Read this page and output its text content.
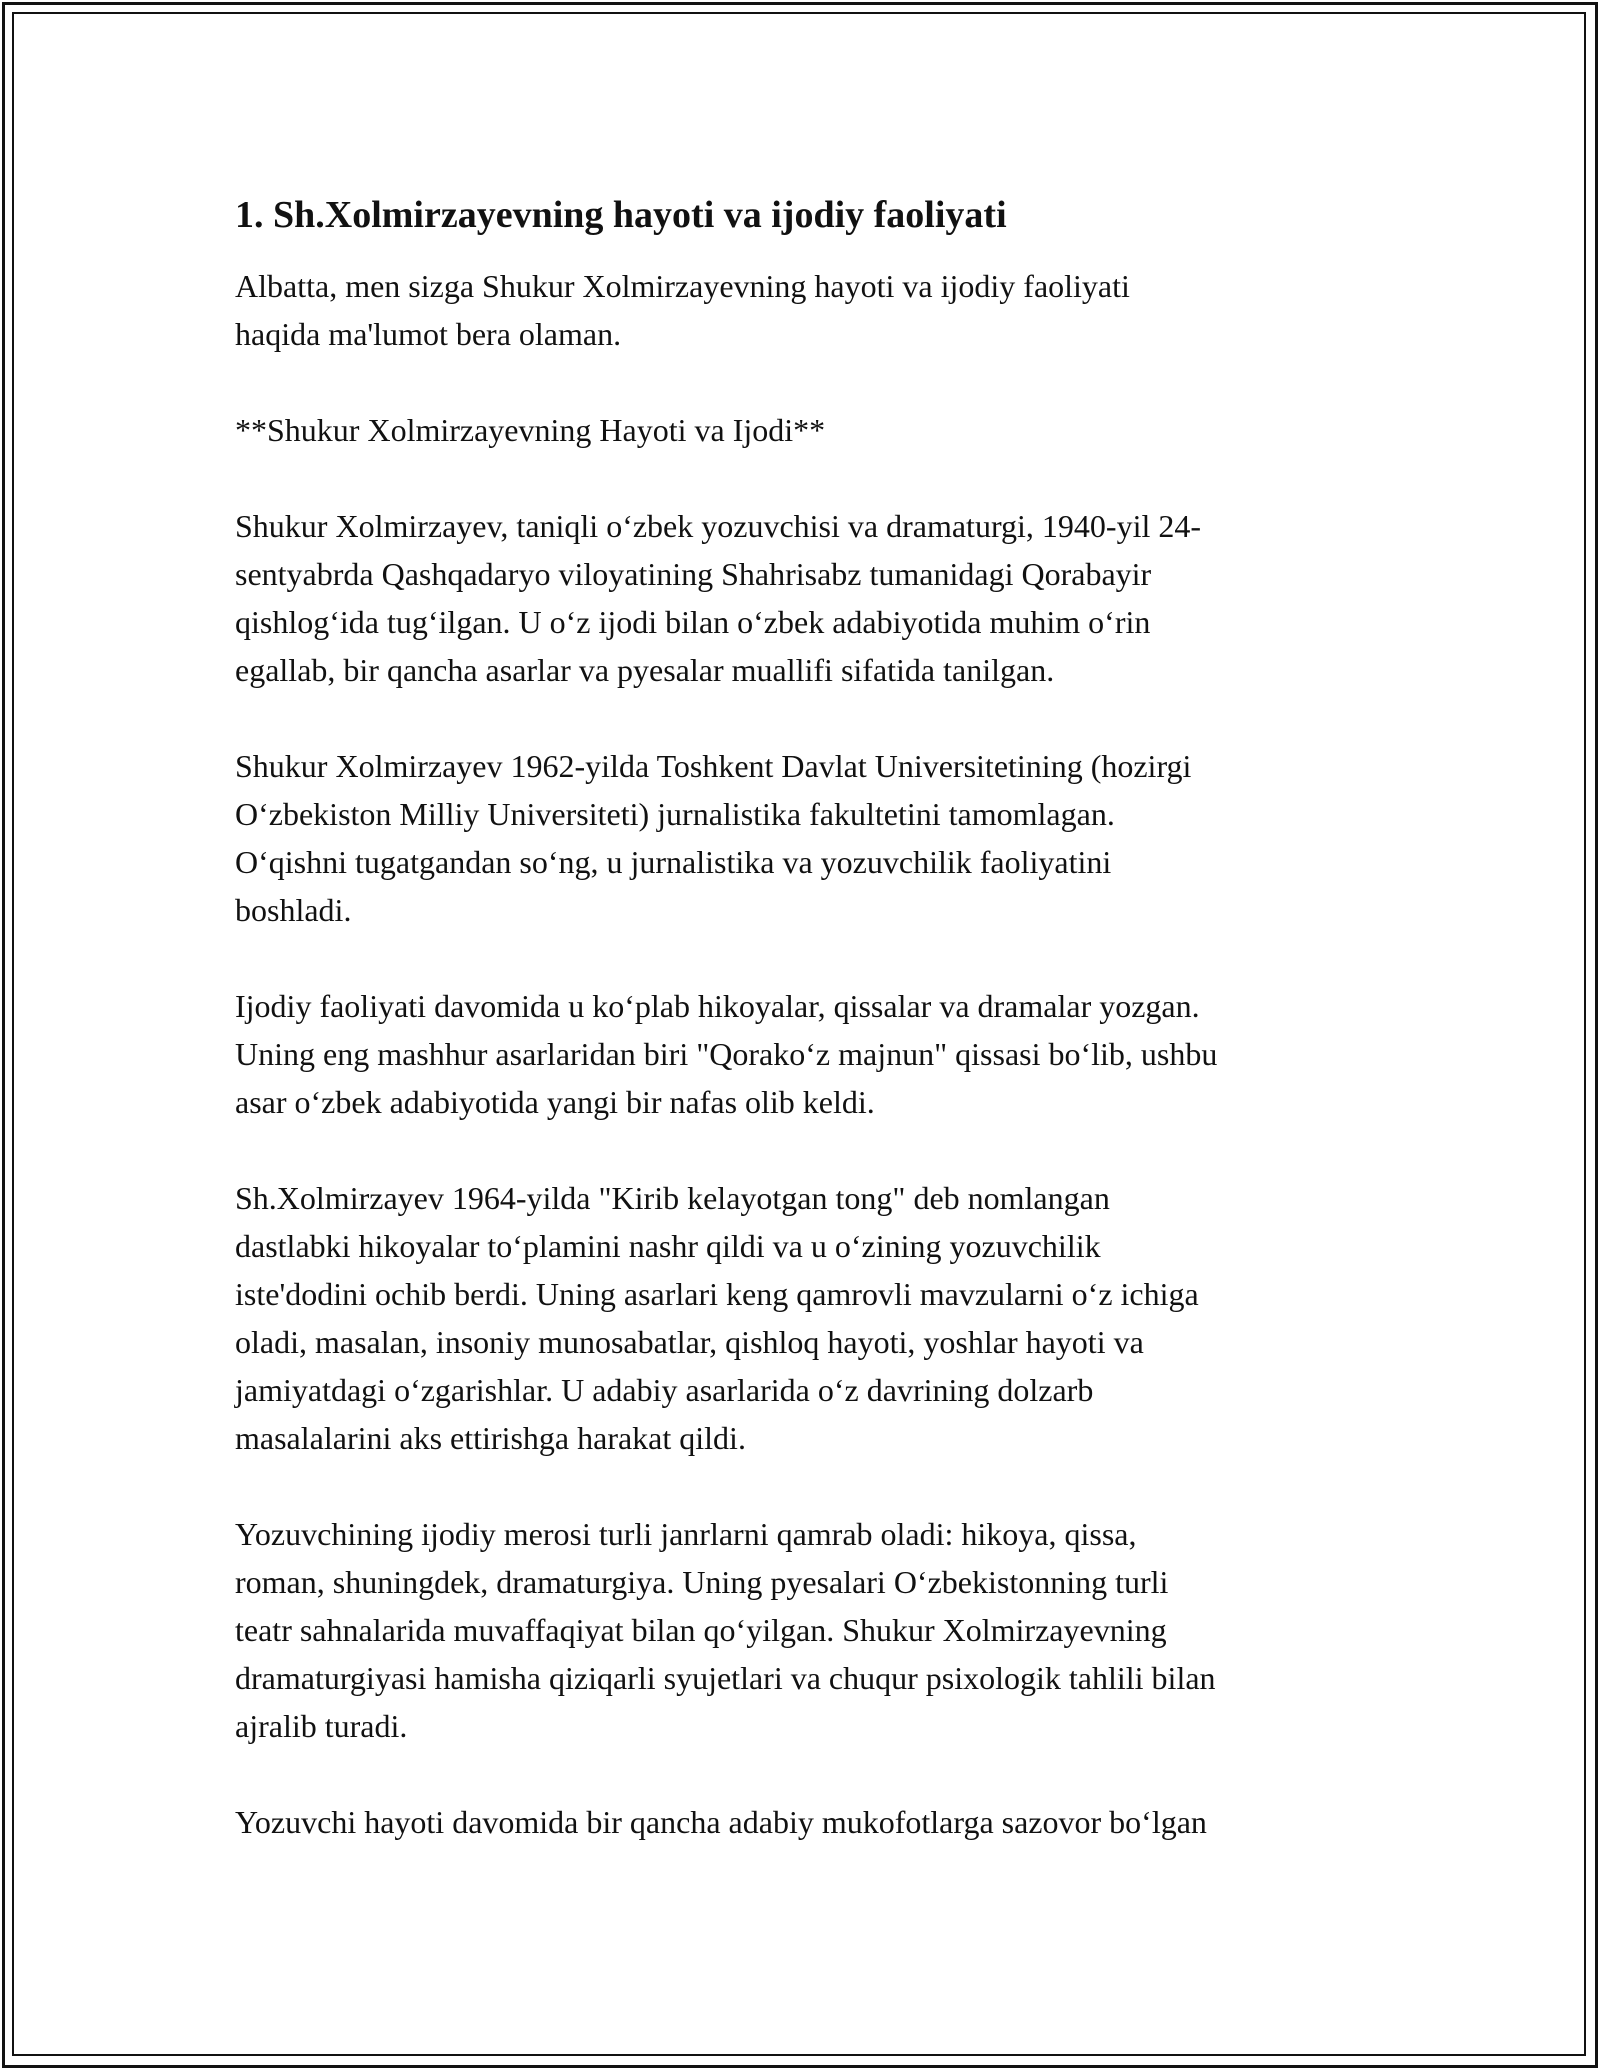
1. Sh.Xolmirzayevning hayoti va ijodiy faoliyati
Albatta, men sizga Shukur Xolmirzayevning hayoti va ijodiy faoliyati
haqida ma'lumot bera olaman.
**Shukur Xolmirzayevning Hayoti va Ijodi**
Shukur Xolmirzayev, taniqli oʻzbek yozuvchisi va dramaturgi, 1940-yil 24-
sentyabrda Qashqadaryo viloyatining Shahrisabz tumanidagi Qorabayir
qishlogʻida tugʻilgan. U oʻz ijodi bilan oʻzbek adabiyotida muhim oʻrin
egallab, bir qancha asarlar va pyesalar muallifi sifatida tanilgan.
Shukur Xolmirzayev 1962-yilda Toshkent Davlat Universitetining (hozirgi
Oʻzbekiston Milliy Universiteti) jurnalistika fakultetini tamomlagan.
Oʻqishni tugatgandan soʻng, u jurnalistika va yozuvchilik faoliyatini
boshladi.
Ijodiy faoliyati davomida u koʻplab hikoyalar, qissalar va dramalar yozgan.
Uning eng mashhur asarlaridan biri "Qorakoʻz majnun" qissasi boʻlib, ushbu
asar oʻzbek adabiyotida yangi bir nafas olib keldi.
Sh.Xolmirzayev 1964-yilda "Kirib kelayotgan tong" deb nomlangan
dastlabki hikoyalar toʻplamini nashr qildi va u oʻzining yozuvchilik
iste'dodini ochib berdi. Uning asarlari keng qamrovli mavzularni oʻz ichiga
oladi, masalan, insoniy munosabatlar, qishloq hayoti, yoshlar hayoti va
jamiyatdagi oʻzgarishlar. U adabiy asarlarida oʻz davrining dolzarb
masalalarini aks ettirishga harakat qildi.
Yozuvchining ijodiy merosi turli janrlarni qamrab oladi: hikoya, qissa,
roman, shuningdek, dramaturgiya. Uning pyesalari Oʻzbekistonning turli
teatr sahnalarida muvaffaqiyat bilan qoʻyilgan. Shukur Xolmirzayevning
dramaturgiyasi hamisha qiziqarli syujetlari va chuqur psixologik tahlili bilan
ajralib turadi.
Yozuvchi hayoti davomida bir qancha adabiy mukofotlarga sazovor boʻlgan
